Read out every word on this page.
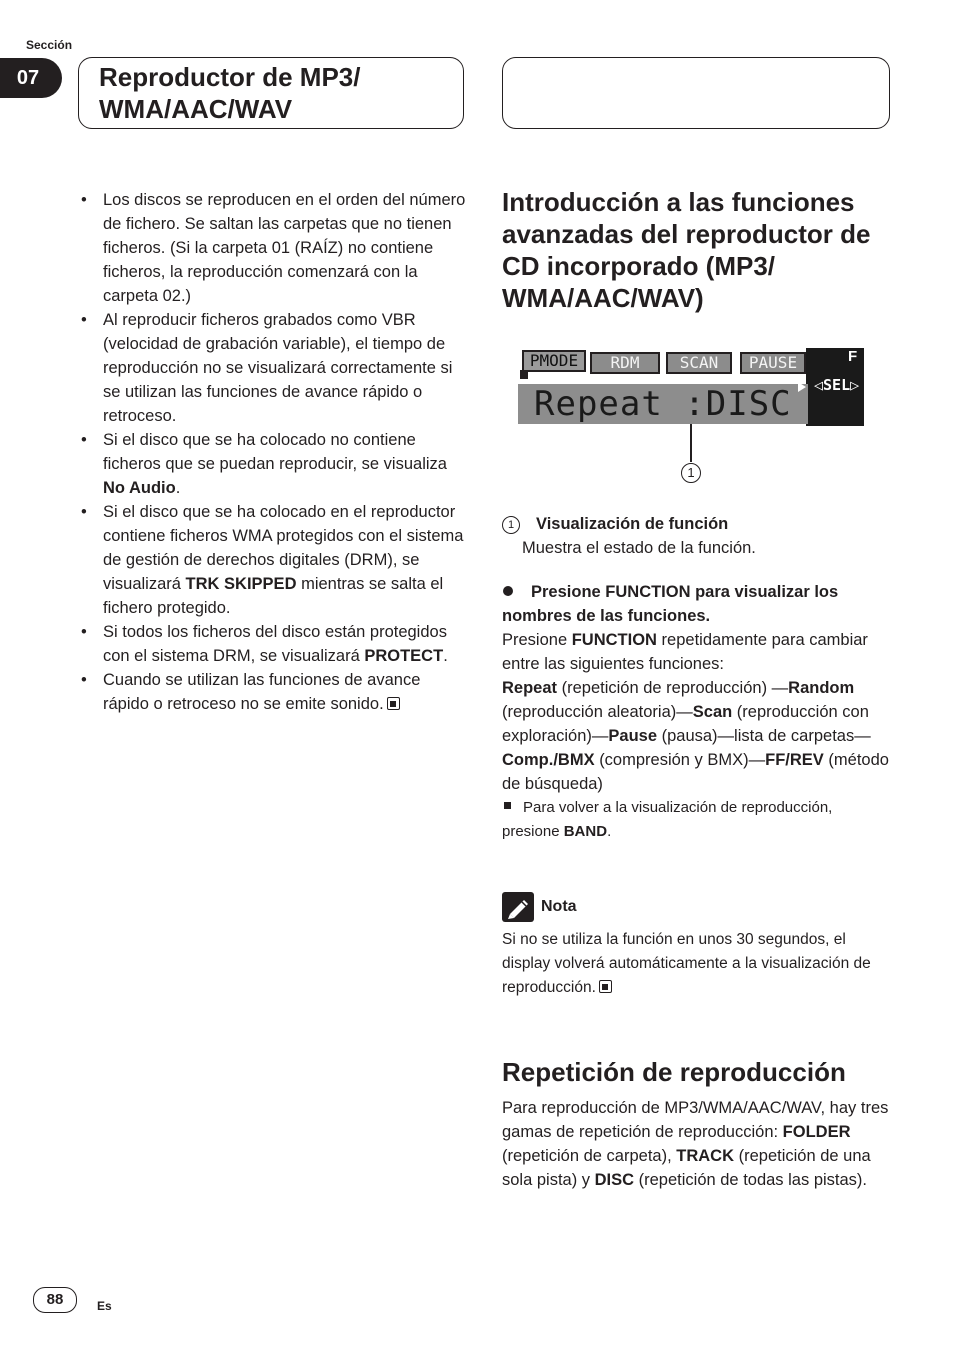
Sección
07 Reproductor de MP3/
WMA/AAC/WAV
• Los discos se reproducen en el orden del número de fichero. Se saltan las carpetas que no tienen ficheros. (Si la carpeta 01 (RAÍZ) no contiene ficheros, la reproducción comenzará con la carpeta 02.)
• Al reproducir ficheros grabados como VBR (velocidad de grabación variable), el tiempo de reproducción no se visualizará correctamente si se utilizan las funciones de avance rápido o retroceso.
• Si el disco que se ha colocado no contiene ficheros que se puedan reproducir, se visualiza No Audio.
• Si el disco que se ha colocado en el reproductor contiene ficheros WMA protegidos con el sistema de gestión de derechos digitales (DRM), se visualizará TRK SKIPPED mientras se salta el fichero protegido.
• Si todos los ficheros del disco están protegidos con el sistema DRM, se visualizará PROTECT.
• Cuando se utilizan las funciones de avance rápido o retroceso no se emite sonido.
Introducción a las funciones avanzadas del reproductor de CD incorporado (MP3/ WMA/AAC/WAV)
PMODE	RDM	SCAN	PAUSE	F
◁SEL▷
Repeat :DISC
1
1	Visualización de función
Muestra el estado de la función.
Presione FUNCTION para visualizar los nombres de las funciones.
Presione FUNCTION repetidamente para cambiar entre las siguientes funciones:
Repeat (repetición de reproducción) —Random (reproducción aleatoria)—Scan (reproducción con exploración)—Pause (pausa)—lista de carpetas—Comp./BMX (compresión y BMX)—FF/REV (método de búsqueda)
Para volver a la visualización de reproducción, presione BAND.
Nota
Si no se utiliza la función en unos 30 segundos, el display volverá automáticamente a la visualización de reproducción.
Repetición de reproducción
Para reproducción de MP3/WMA/AAC/WAV, hay tres gamas de repetición de reproducción: FOLDER (repetición de carpeta), TRACK (repetición de una sola pista) y DISC (repetición de todas las pistas).
88	Es
